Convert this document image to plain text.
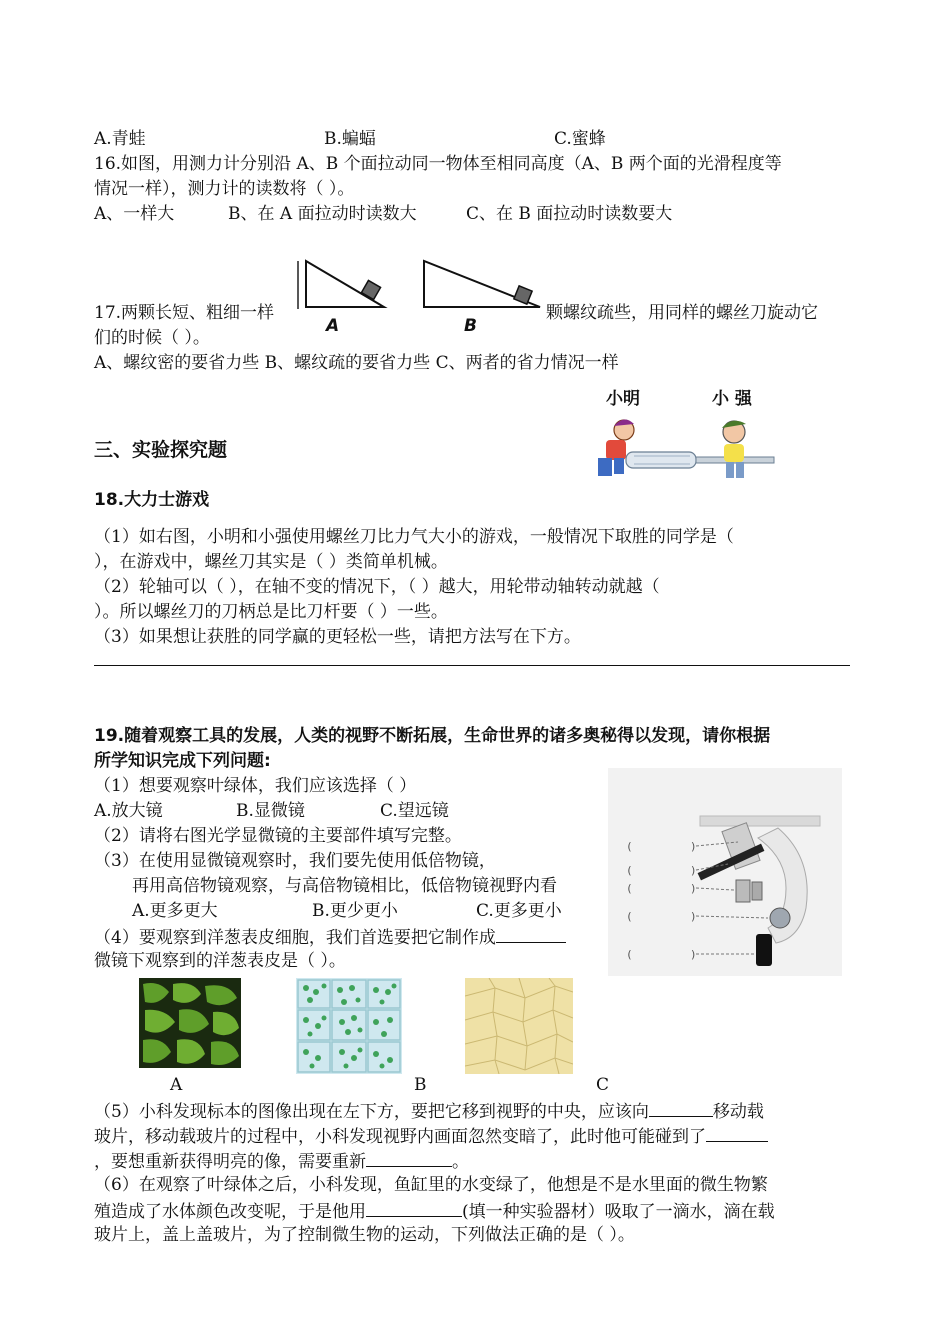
A.青蛙	B.蝙蝠	C.蜜蜂
16.如图，用测力计分别沿 A、B 个面拉动同一物体至相同高度（A、B 两个面的光滑程度等
情况一样），测力计的读数将（ ）。
A、一样大	B、在 A 面拉动时读数大	C、在 B 面拉动时读数要大
17.两颗长短、粗细一样	颗螺纹疏些，用同样的螺丝刀旋动它
们的时候（ ）。
A	B
A、螺纹密的要省力些 B、螺纹疏的要省力些 C、两者的省力情况一样
小明	小 强
三、实验探究题
18.大力士游戏
（1）如右图，小明和小强使用螺丝刀比力气大小的游戏，一般情况下取胜的同学是（
），在游戏中，螺丝刀其实是（ ）类简单机械。
（2）轮轴可以（ ），在轴不变的情况下，（ ）越大，用轮带动轴转动就越（
）。所以螺丝刀的刀柄总是比刀杆要（ ）一些。
（3）如果想让获胜的同学赢的更轻松一些，请把方法写在下方。
19.随着观察工具的发展，人类的视野不断拓展，生命世界的诸多奥秘得以发现，请你根据
所学知识完成下列问题:
（1）想要观察叶绿体，我们应该选择（ ）
A.放大镜	B.显微镜	C.望远镜
（2）请将右图光学显微镜的主要部件填写完整。
（3）在使用显微镜观察时，我们要先使用低倍物镜，
再用高倍物镜观察，与高倍物镜相比，低倍物镜视野内看
A.更多更大	B.更少更小	C.更多更小
（4）要观察到洋葱表皮细胞，我们首选要把它制作成
微镜下观察到的洋葱表皮是（ ）。
(	)
(	)
(	)
(	)
(	)
A	B	C
（5）小科发现标本的图像出现在左下方，要把它移到视野的中央，应该向	移动载
玻片，移动载玻片的过程中，小科发现视野内画面忽然变暗了，此时他可能碰到了
，要想重新获得明亮的像，需要重新	。
（6）在观察了叶绿体之后，小科发现，鱼缸里的水变绿了，他想是不是水里面的微生物繁
殖造成了水体颜色改变呢，于是他用	(填一种实验器材）吸取了一滴水，滴在载
玻片上，盖上盖玻片，为了控制微生物的运动，下列做法正确的是（ ）。
